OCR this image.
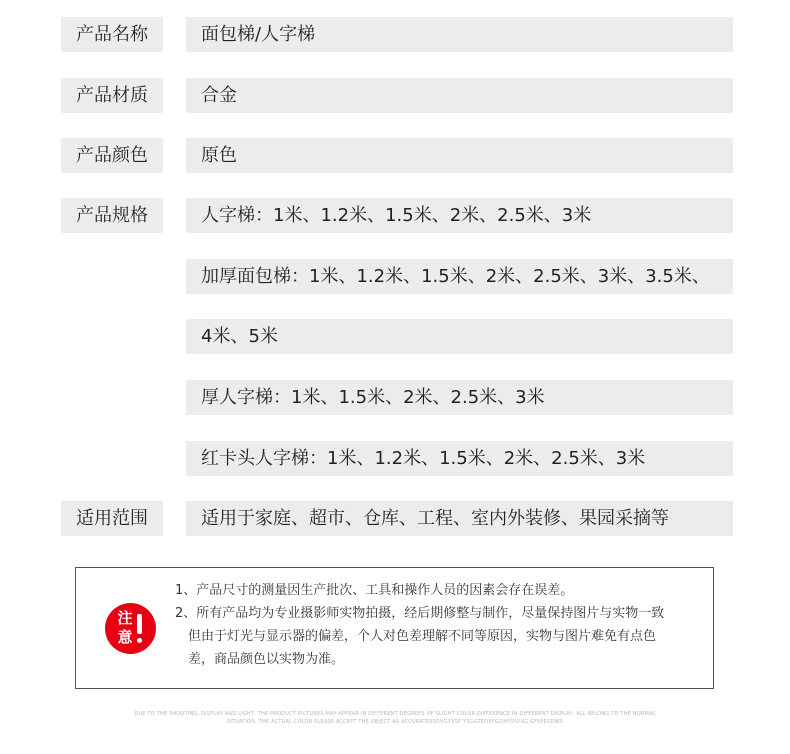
产品名称	面包梯/人字梯
产品材质	合金
产品颜色	原色
产品规格	人字梯：1米、1.2米、1.5米、2米、2.5米、3米
加厚面包梯：1米、1.2米、1.5米、2米、2.5米、3米、3.5米、
4米、5米
厚人字梯：1米、1.5米、2米、2.5米、3米
红卡头人字梯：1米、1.2米、1.5米、2米、2.5米、3米
适用范围	适用于家庭、超市、仓库、工程、室内外装修、果园采摘等
注意
1、产品尺寸的测量因生产批次、工具和操作人员的因素会存在误差。
2、所有产品均为专业摄影师实物拍摄，经后期修整与制作，尽量保持图片与实物一致
但由于灯光与显示器的偏差，个人对色差理解不同等原因，实物与图片难免有点色
差，商品颜色以实物为准。
DUE TO THE SHOOTING, DISPLAY AND LIGHT, THE PRODUCT PICTURES MAY APPEAR IN DIFFERENT DEGREES OF SLIGHT COLOR DIFFERENCE IN DIFFERENT DISPLAY, ALL BELONG TO THE NORMAL
SITUATION, THE ACTUAL COLOR PLEASE ACCEPT THE OBJECT AS ACCURATESSDVGXVSF YSGGTEDXFGDXFDSYXG GFSFRSDWS
